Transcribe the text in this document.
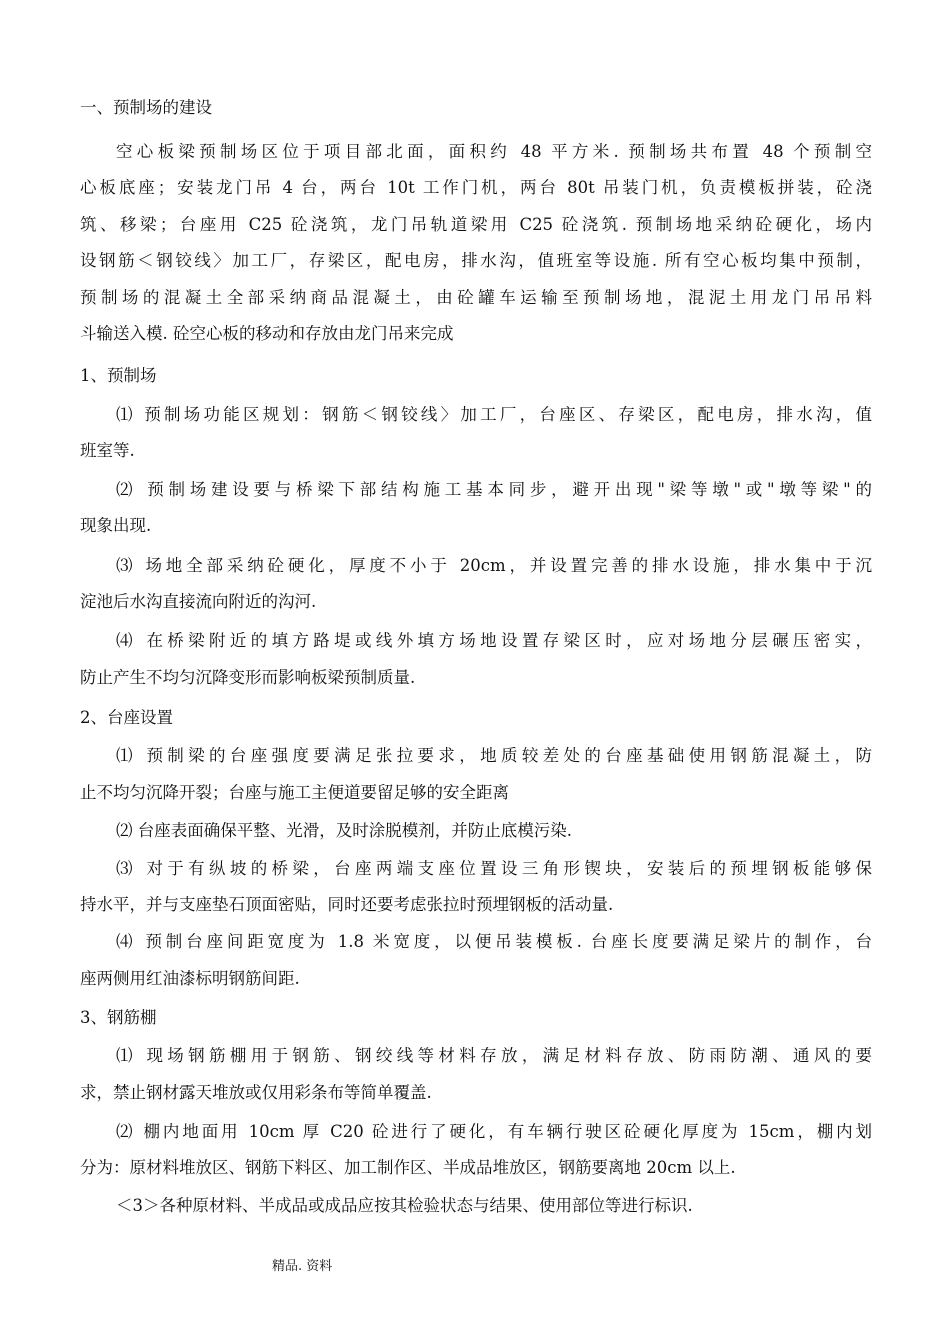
一、预制场的建设
空心板梁预制场区位于项目部北面，面积约 48 平方米. 预制场共布置 48 个预制空
心板底座；安装龙门吊 4 台，两台 10t 工作门机，两台 80t 吊装门机，负责模板拼装，砼浇
筑、移梁；台座用 C25 砼浇筑，龙门吊轨道梁用 C25 砼浇筑. 预制场地采纳砼硬化，场内
设钢筋＜钢铰线〉加工厂，存梁区，配电房，排水沟，值班室等设施. 所有空心板均集中预制，
预制场的混凝土全部采纳商品混凝土，由砼罐车运输至预制场地，混泥土用龙门吊吊料
斗输送入模. 砼空心板的移动和存放由龙门吊来完成
1、预制场
⑴ 预制场功能区规划：钢筋＜钢铰线〉加工厂，台座区、存梁区，配电房，排水沟，值
班室等.
⑵ 预制场建设要与桥梁下部结构施工基本同步，避开出现"梁等墩"或"墩等梁"的
现象出现.
⑶ 场地全部采纳砼硬化，厚度不小于 20cm，并设置完善的排水设施，排水集中于沉
淀池后水沟直接流向附近的沟河.
⑷ 在桥梁附近的填方路堤或线外填方场地设置存梁区时，应对场地分层碾压密实，
防止产生不均匀沉降变形而影响板梁预制质量.
2、台座设置
⑴ 预制梁的台座强度要满足张拉要求，地质较差处的台座基础使用钢筋混凝土，防
止不均匀沉降开裂；台座与施工主便道要留足够的安全距离
⑵ 台座表面确保平整、光滑，及时涂脱模剂，并防止底模污染.
⑶ 对于有纵坡的桥梁，台座两端支座位置设三角形锲块，安装后的预埋钢板能够保
持水平，并与支座垫石顶面密贴，同时还要考虑张拉时预埋钢板的活动量.
⑷ 预制台座间距宽度为 1.8 米宽度，以便吊装模板. 台座长度要满足梁片的制作，台
座两侧用红油漆标明钢筋间距.
3、钢筋棚
⑴ 现场钢筋棚用于钢筋、钢绞线等材料存放，满足材料存放、防雨防潮、通风的要
求，禁止钢材露天堆放或仅用彩条布等简单覆盖.
⑵ 棚内地面用 10cm 厚 C20 砼进行了硬化，有车辆行驶区砼硬化厚度为 15cm，棚内划
分为：原材料堆放区、钢筋下料区、加工制作区、半成品堆放区，钢筋要离地 20cm 以上.
＜3＞各种原材料、半成品或成品应按其检验状态与结果、使用部位等进行标识.
精品. 资料
